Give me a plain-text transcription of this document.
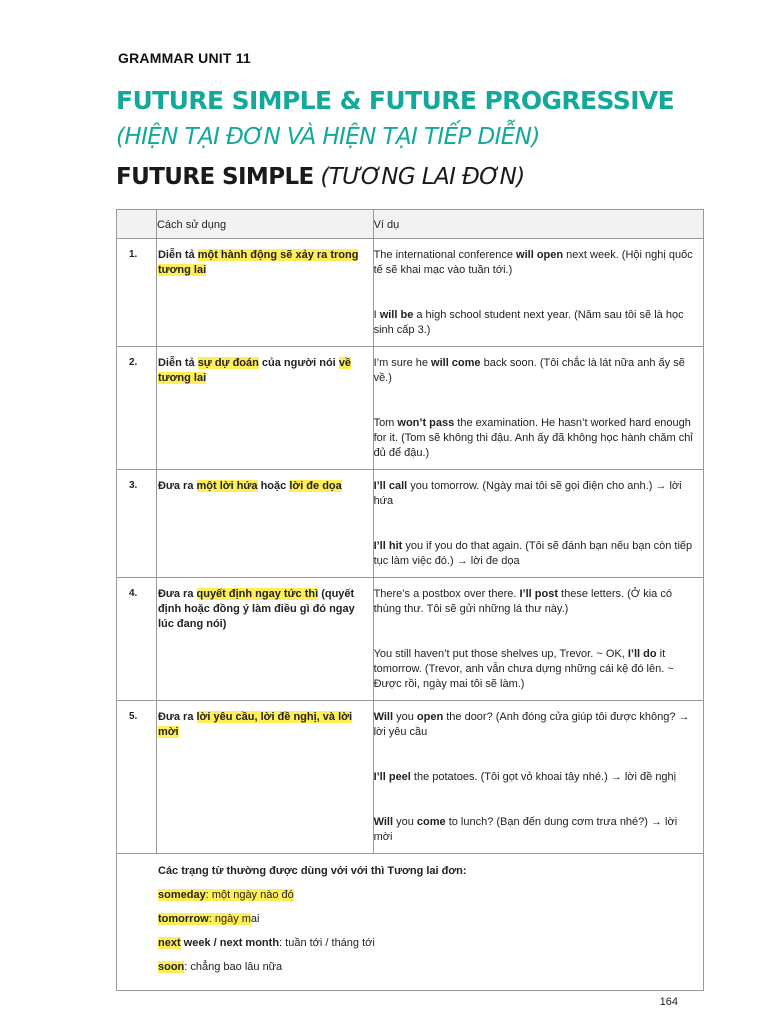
GRAMMAR UNIT 11
FUTURE SIMPLE & FUTURE PROGRESSIVE
(HIỆN TẠI ĐƠN VÀ HIỆN TẠI TIẾP DIỄN)
FUTURE SIMPLE (TƯƠNG LAI ĐƠN)
	Cách sử dụng	Ví dụ
1.	Diễn tả một hành động sẽ xảy ra trong tương lai	The international conference will open next week. (Hội nghị quốc tế sẽ khai mạc vào tuần tới.)

I will be a high school student next year. (Năm sau tôi sẽ là học sinh cấp 3.)

2.	Diễn tả sự dự đoán của người nói về tương lai	I’m sure he will come back soon. (Tôi chắc là lát nữa anh ấy sẽ về.)

Tom won’t pass the examination. He hasn’t worked hard enough for it. (Tom sẽ không thi đậu. Anh ấy đã không học hành chăm chỉ đủ để đậu.)

3.	Đưa ra một lời hứa hoặc lời đe dọa	I’ll call you tomorrow. (Ngày mai tôi sẽ gọi điện cho anh.) → lời hứa

I’ll hit you if you do that again. (Tôi sẽ đánh bạn nếu bạn còn tiếp tục làm việc đó.) → lời đe dọa

4.	Đưa ra quyết định ngay tức thì (quyết định hoặc đồng ý làm điều gì đó ngay lúc đang nói)	There’s a postbox over there. I’ll post these letters. (Ở kia có thùng thư. Tôi sẽ gửi những lá thư này.)

You still haven’t put those shelves up, Trevor. ~ OK, I’ll do it tomorrow. (Trevor, anh vẫn chưa dựng những cái kệ đó lên. ~ Được rồi, ngày mai tôi sẽ làm.)

5.	Đưa ra lời yêu cầu, lời đề nghị, và lời mời	Will you open the door? (Anh đóng cửa giúp tôi được không? → lời yêu cầu

I’ll peel the potatoes. (Tôi gọt vỏ khoai tây nhé.) → lời đề nghị

Will you come to lunch? (Bạn đến dung cơm trưa nhé?) → lời mời

Các trạng từ thường được dùng với với thì Tương lai đơn:

someday: một ngày nào đó

tomorrow: ngày mai

next week / next month: tuần tới / tháng tới

soon: chẳng bao lâu nữa		

164
